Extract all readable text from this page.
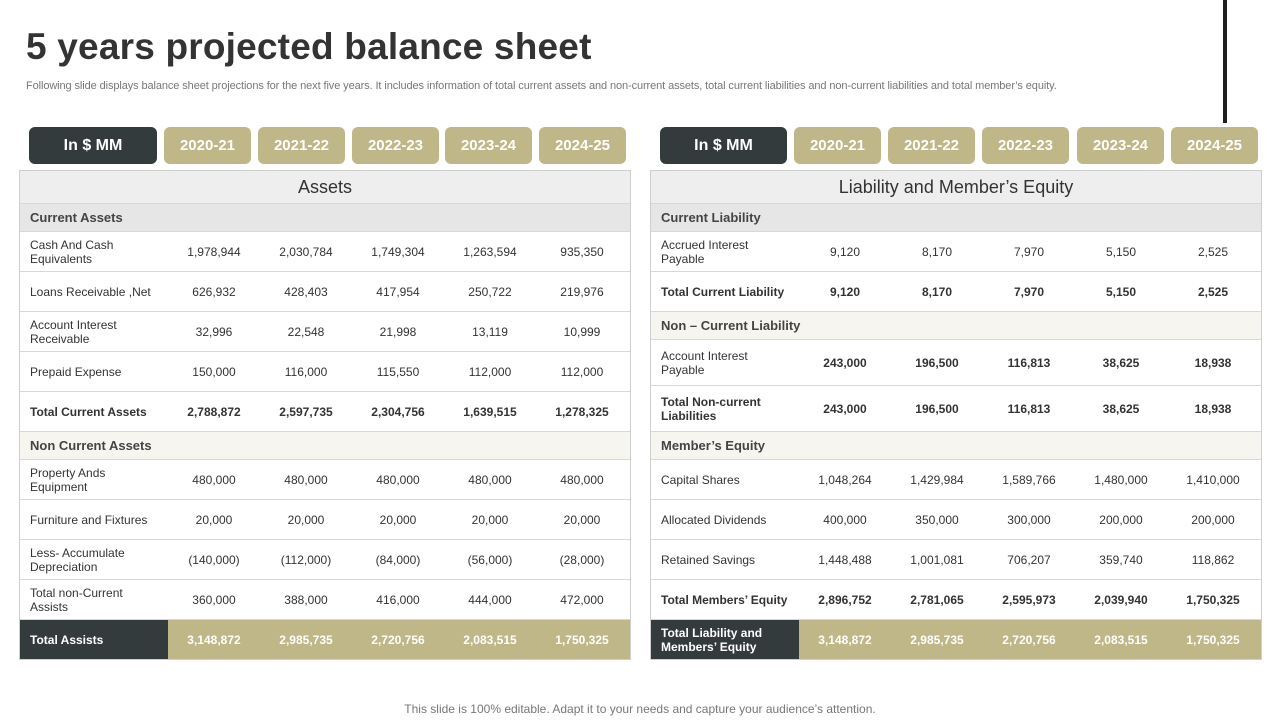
5 years projected balance sheet
Following slide displays balance sheet projections for the next five years. It includes information of total current assets and non-current assets, total current liabilities and non-current liabilities and total member’s equity.
In $ MM	2020-21	2021-22	2022-23	2023-24	2024-25
Assets
Current Assets
Cash And Cash Equivalents	1,978,944	2,030,784	1,749,304	1,263,594	935,350
Loans Receivable ,Net	626,932	428,403	417,954	250,722	219,976
Account Interest Receivable	32,996	22,548	21,998	13,119	10,999
Prepaid Expense	150,000	116,000	115,550	112,000	112,000
Total Current Assets	2,788,872	2,597,735	2,304,756	1,639,515	1,278,325
Non Current Assets
Property Ands Equipment	480,000	480,000	480,000	480,000	480,000
Furniture and Fixtures	20,000	20,000	20,000	20,000	20,000
Less- Accumulate Depreciation	(140,000)	(112,000)	(84,000)	(56,000)	(28,000)
Total non-Current Assists	360,000	388,000	416,000	444,000	472,000
Total Assists	3,148,872	2,985,735	2,720,756	2,083,515	1,750,325
In $ MM	2020-21	2021-22	2022-23	2023-24	2024-25
Liability and Member’s Equity
Current Liability
Accrued Interest Payable	9,120	8,170	7,970	5,150	2,525
Total Current Liability	9,120	8,170	7,970	5,150	2,525
Non – Current Liability
Account Interest Payable	243,000	196,500	116,813	38,625	18,938
Total Non-current Liabilities	243,000	196,500	116,813	38,625	18,938
Member’s Equity
Capital Shares	1,048,264	1,429,984	1,589,766	1,480,000	1,410,000
Allocated Dividends	400,000	350,000	300,000	200,000	200,000
Retained Savings	1,448,488	1,001,081	706,207	359,740	118,862
Total Members’ Equity	2,896,752	2,781,065	2,595,973	2,039,940	1,750,325
Total Liability and Members’ Equity	3,148,872	2,985,735	2,720,756	2,083,515	1,750,325
This slide is 100% editable. Adapt it to your needs and capture your audience’s attention.
